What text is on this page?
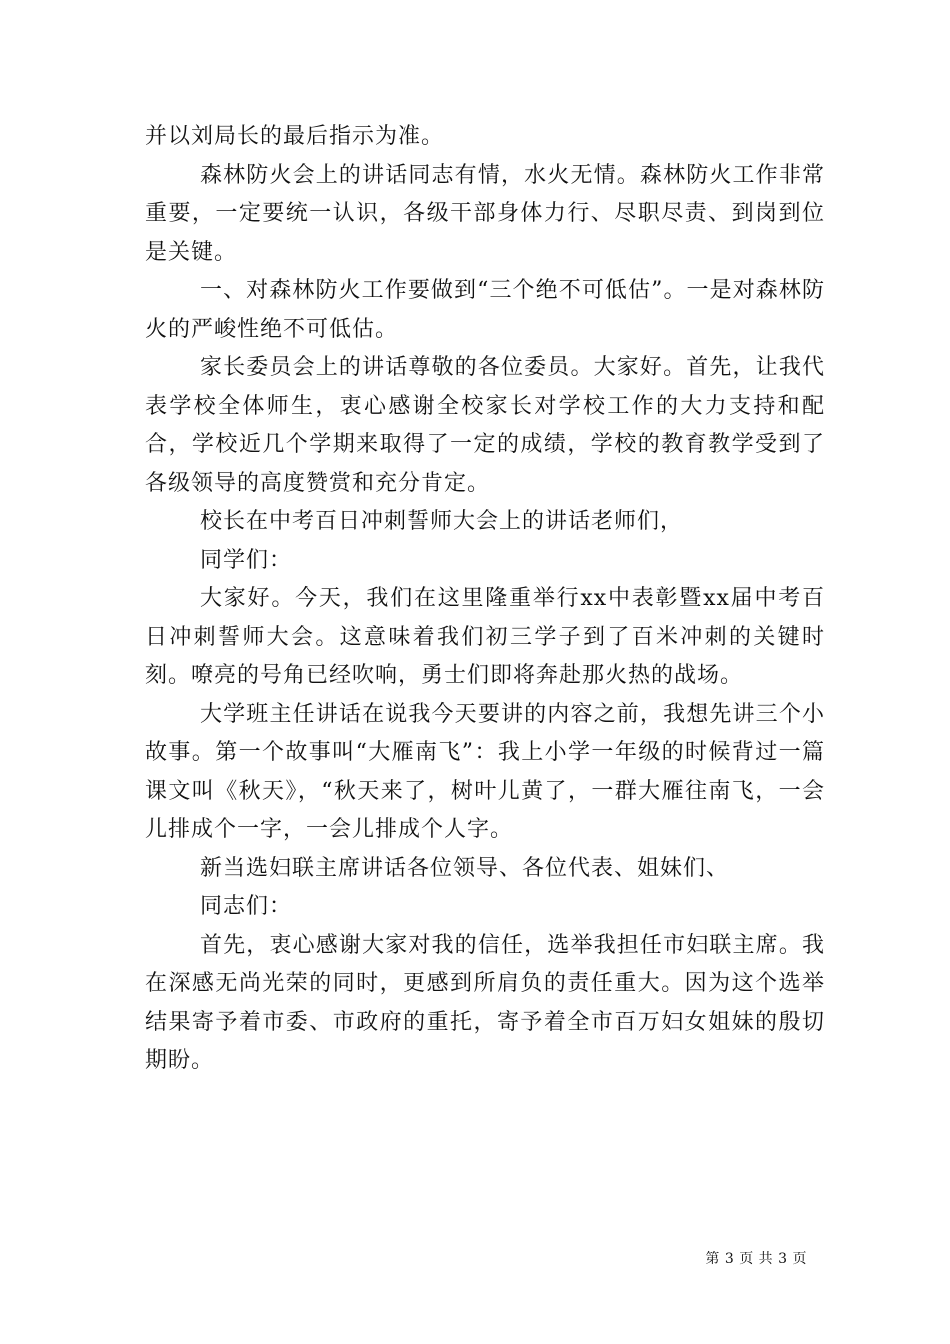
并以刘局长的最后指示为准。

森林防火会上的讲话同志有情，水火无情。森林防火工作非常重要，一定要统一认识，各级干部身体力行、尽职尽责、到岗到位是关键。

一、对森林防火工作要做到“三个绝不可低估”。一是对森林防火的严峻性绝不可低估。

家长委员会上的讲话尊敬的各位委员。大家好。首先，让我代表学校全体师生，衷心感谢全校家长对学校工作的大力支持和配合，学校近几个学期来取得了一定的成绩，学校的教育教学受到了各级领导的高度赞赏和充分肯定。

校长在中考百日冲刺誓师大会上的讲话老师们，

同学们：

大家好。今天，我们在这里隆重举行xx中表彰暨xx届中考百日冲刺誓师大会。这意味着我们初三学子到了百米冲刺的关键时刻。嘹亮的号角已经吹响，勇士们即将奔赴那火热的战场。

大学班主任讲话在说我今天要讲的内容之前，我想先讲三个小故事。第一个故事叫“大雁南飞”：我上小学一年级的时候背过一篇课文叫《秋天》，“秋天来了，树叶儿黄了，一群大雁往南飞，一会儿排成个一字，一会儿排成个人字。

新当选妇联主席讲话各位领导、各位代表、姐妹们、

同志们：

首先，衷心感谢大家对我的信任，选举我担任市妇联主席。我在深感无尚光荣的同时，更感到所肩负的责任重大。因为这个选举结果寄予着市委、市政府的重托，寄予着全市百万妇女姐妹的殷切期盼。

第 3 页 共 3 页
